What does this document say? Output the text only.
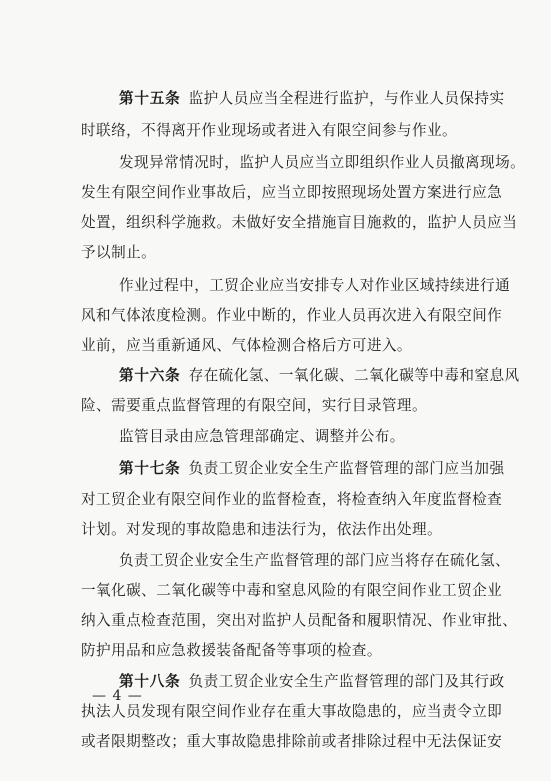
第十五条 监护人员应当全程进行监护，与作业人员保持实
时联络，不得离开作业现场或者进入有限空间参与作业。
发现异常情况时，监护人员应当立即组织作业人员撤离现场。
发生有限空间作业事故后，应当立即按照现场处置方案进行应急
处置，组织科学施救。未做好安全措施盲目施救的，监护人员应当
予以制止。
作业过程中，工贸企业应当安排专人对作业区域持续进行通
风和气体浓度检测。作业中断的，作业人员再次进入有限空间作
业前，应当重新通风、气体检测合格后方可进入。
第十六条 存在硫化氢、一氧化碳、二氧化碳等中毒和窒息风
险、需要重点监督管理的有限空间，实行目录管理。
监管目录由应急管理部确定、调整并公布。
第十七条 负责工贸企业安全生产监督管理的部门应当加强
对工贸企业有限空间作业的监督检查，将检查纳入年度监督检查
计划。对发现的事故隐患和违法行为，依法作出处理。
负责工贸企业安全生产监督管理的部门应当将存在硫化氢、
一氧化碳、二氧化碳等中毒和窒息风险的有限空间作业工贸企业
纳入重点检查范围，突出对监护人员配备和履职情况、作业审批、
防护用品和应急救援装备配备等事项的检查。
第十八条 负责工贸企业安全生产监督管理的部门及其行政
执法人员发现有限空间作业存在重大事故隐患的，应当责令立即
或者限期整改；重大事故隐患排除前或者排除过程中无法保证安
— 4 —
